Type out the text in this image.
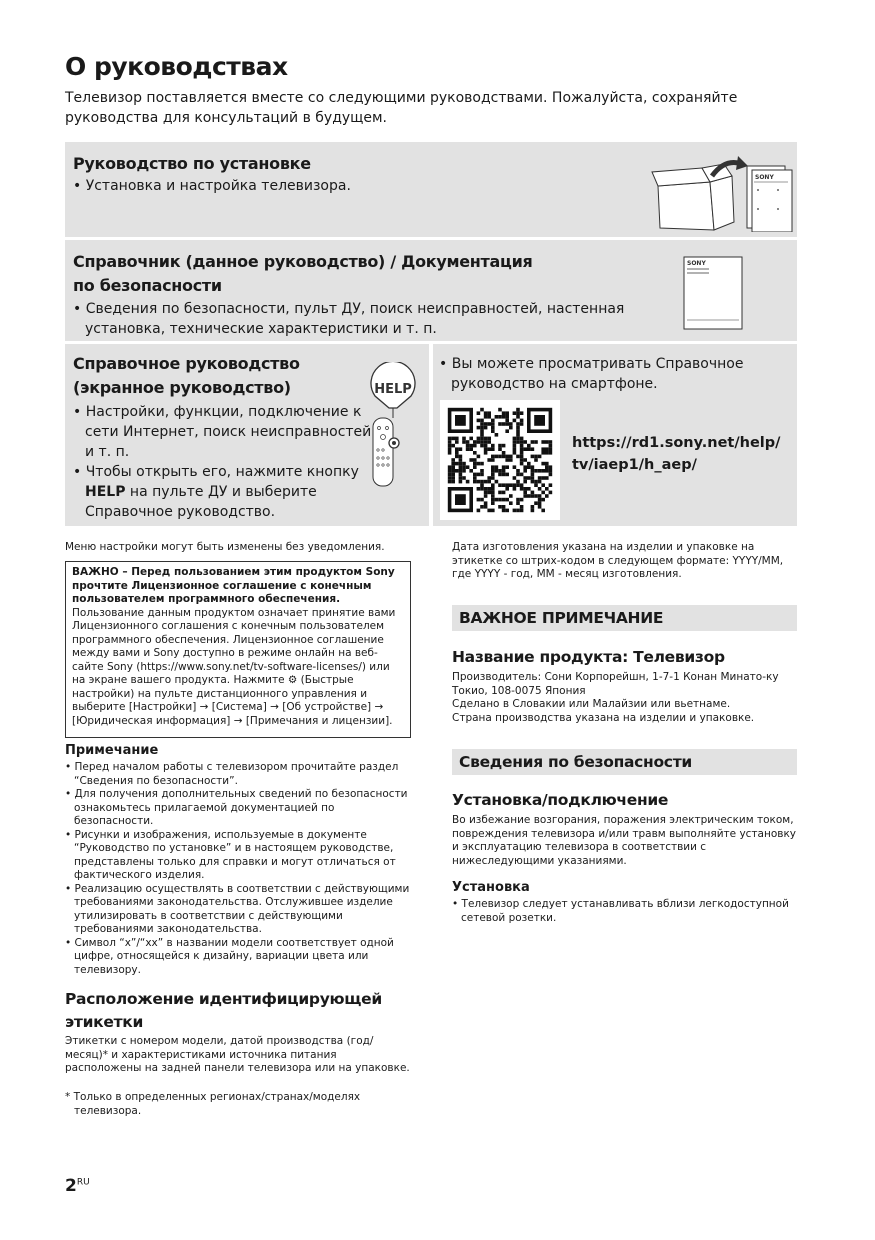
О руководствах
Телевизор поставляется вместе со следующими руководствами. Пожалуйста, сохраняйте руководства для консультаций в будущем.
Руководство по установке
• Установка и настройка телевизора.
SONY
Справочник (данное руководство) / Документация по безопасности
• Сведения по безопасности, пульт ДУ, поиск неисправностей, настенная установка, технические характеристики и т. п.
SONY
Справочное руководство (экранное руководство)
• Настройки, функции, подключение к сети Интернет, поиск неисправностей и т. п.
• Чтобы открыть его, нажмите кнопку HELP на пульте ДУ и выберите Справочное руководство.
HELP
• Вы можете просматривать Справочное руководство на смартфоне.
https://rd1.sony.net/help/
tv/iaep1/h_aep/
Меню настройки могут быть изменены без уведомления.
ВАЖНО – Перед пользованием этим продуктом Sony прочтите Лицензионное соглашение с конечным пользователем программного обеспечения.
Пользование данным продуктом означает принятие вами Лицензионного соглашения с конечным пользователем программного обеспечения. Лицензионное соглашение между вами и Sony доступно в режиме онлайн на веб-сайте Sony (https://www.sony.net/tv-software-licenses/) или на экране вашего продукта. Нажмите ⚙ (Быстрые настройки) на пульте дистанционного управления и выберите [Настройки] → [Система] → [Об устройстве] → [Юридическая информация] → [Примечания и лицензии].
Примечание
• Перед началом работы с телевизором прочитайте раздел “Сведения по безопасности”.
• Для получения дополнительных сведений по безопасности ознакомьтесь прилагаемой документацией по безопасности.
• Рисунки и изображения, используемые в документе “Руководство по установке” и в настоящем руководстве, представлены только для справки и могут отличаться от фактического изделия.
• Реализацию осуществлять в соответствии с действующими требованиями законодательства. Отслужившее изделие утилизировать в соответствии с действующими требованиями законодательства.
• Символ “x”/“xx” в названии модели соответствует одной цифре, относящейся к дизайну, вариации цвета или телевизору.
Расположение идентифицирующей этикетки
Этикетки с номером модели, датой производства (год/месяц)* и характеристиками источника питания расположены на задней панели телевизора или на упаковке.
* Только в определенных регионах/странах/моделях телевизора.
Дата изготовления указана на изделии и упаковке на этикетке со штрих-кодом в следующем формате: YYYY/MM, где YYYY - год, MM - месяц изготовления.
ВАЖНОЕ ПРИМЕЧАНИЕ
Название продукта: Телевизор
Производитель: Сони Корпорейшн, 1-7-1 Конан Минато-ку Токио, 108-0075 Япония
Сделано в Словакии или Малайзии или вьетнаме.
Страна производства указана на изделии и упаковке.
Сведения по безопасности
Установка/подключение
Во избежание возгорания, поражения электрическим током, повреждения телевизора и/или травм выполняйте установку и эксплуатацию телевизора в соответствии с нижеследующими указаниями.
Установка
• Телевизор следует устанавливать вблизи легкодоступной сетевой розетки.
$2^{RU}$
